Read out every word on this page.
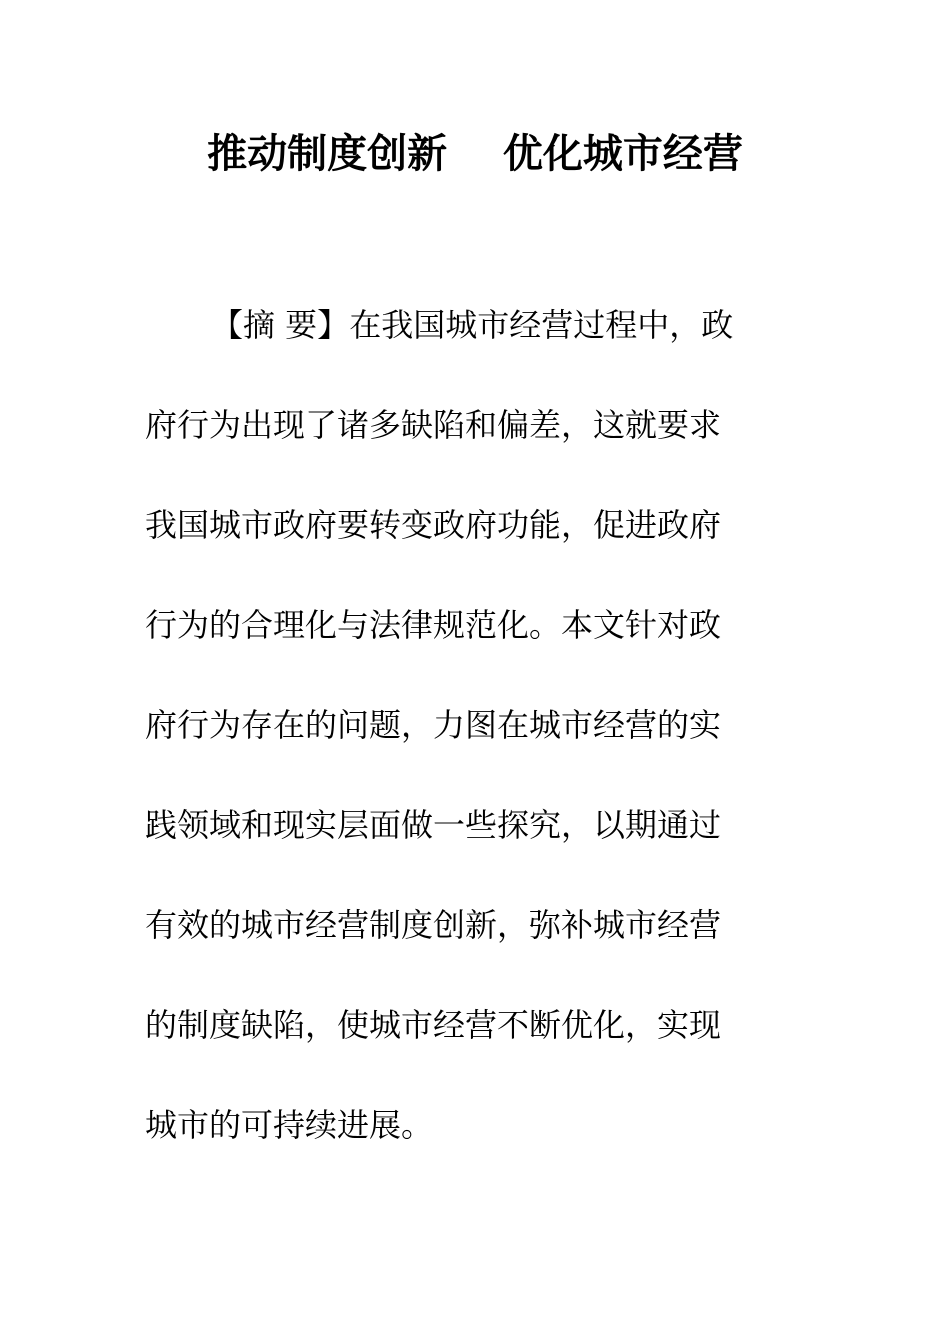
推动制度创新    优化城市经营
【摘 要】在我国城市经营过程中，政
府行为出现了诸多缺陷和偏差，这就要求
我国城市政府要转变政府功能，促进政府
行为的合理化与法律规范化。本文针对政
府行为存在的问题，力图在城市经营的实
践领域和现实层面做一些探究，以期通过
有效的城市经营制度创新，弥补城市经营
的制度缺陷，使城市经营不断优化，实现
城市的可持续进展。
